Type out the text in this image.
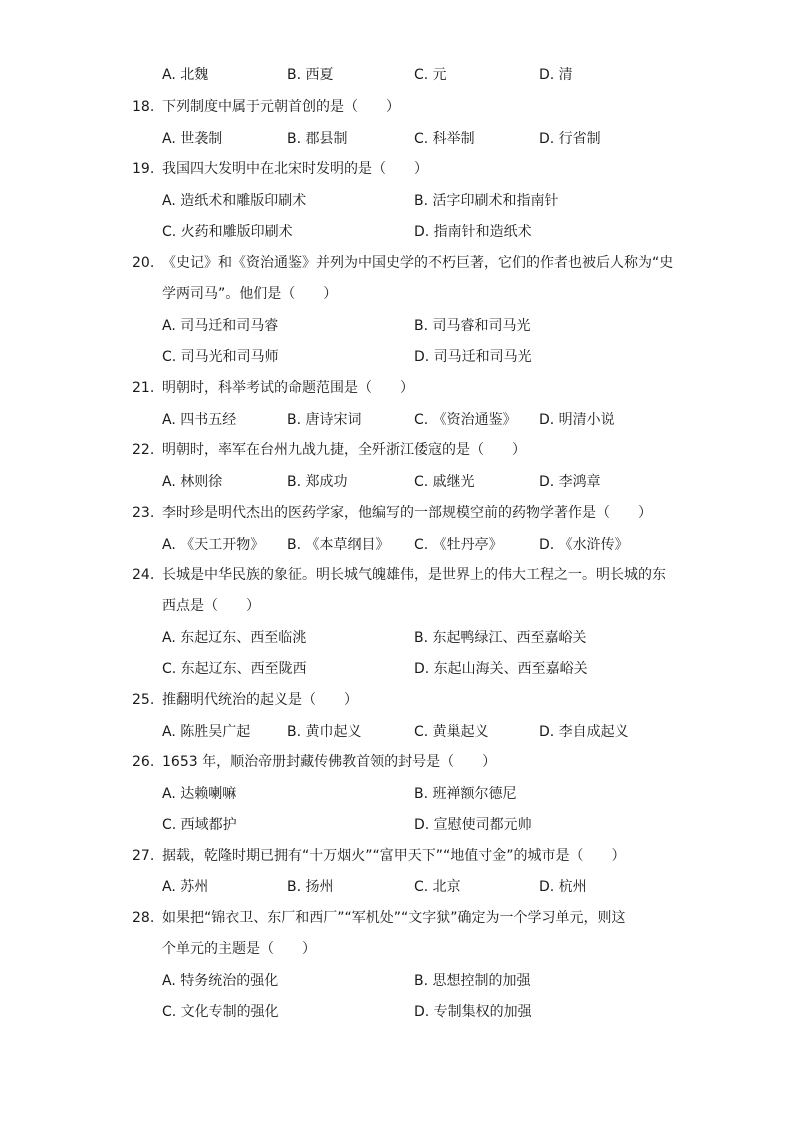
A. 北魏	B. 西夏	C. 元	D. 清
18. 下列制度中属于元朝首创的是（　　）
A. 世袭制	B. 郡县制	C. 科举制	D. 行省制
19. 我国四大发明中在北宋时发明的是（　　）
A. 造纸术和雕版印刷术	B. 活字印刷术和指南针
C. 火药和雕版印刷术	D. 指南针和造纸术
20. 《史记》和《资治通鉴》并列为中国史学的不朽巨著，它们的作者也被后人称为“史
学两司马”。他们是（　　）
A. 司马迁和司马睿	B. 司马睿和司马光
C. 司马光和司马师	D. 司马迁和司马光
21. 明朝时，科举考试的命题范围是（　　）
A. 四书五经	B. 唐诗宋词	C. 《资治通鉴》 D. 明清小说
22. 明朝时，率军在台州九战九捷，全歼浙江倭寇的是（　　）
A. 林则徐	B. 郑成功	C. 戚继光	D. 李鸿章
23. 李时珍是明代杰出的医药学家，他编写的一部规模空前的药物学著作是（　　）
A. 《天工开物》 B. 《本草纲目》 C. 《牡丹亭》	D. 《水浒传》
24. 长城是中华民族的象征。明长城气魄雄伟，是世界上的伟大工程之一。明长城的东
西点是（　　）
A. 东起辽东、西至临洮	B. 东起鸭绿江、西至嘉峪关
C. 东起辽东、西至陇西	D. 东起山海关、西至嘉峪关
25. 推翻明代统治的起义是（　　）
A. 陈胜吴广起	B. 黄巾起义	C. 黄巢起义	D. 李自成起义
26. 1653 年，顺治帝册封藏传佛教首领的封号是（　　）
A. 达赖喇嘛	B. 班禅额尔德尼
C. 西域都护	D. 宣慰使司都元帅
27. 据载，乾隆时期已拥有“十万烟火”“富甲天下”“地值寸金”的城市是（　　）
A. 苏州	B. 扬州	C. 北京	D. 杭州
28. 如果把“锦衣卫、东厂和西厂”“军机处”“文字狱”确定为一个学习单元，则这
个单元的主题是（　　）
A. 特务统治的强化	B. 思想控制的加强
C. 文化专制的强化	D. 专制集权的加强
